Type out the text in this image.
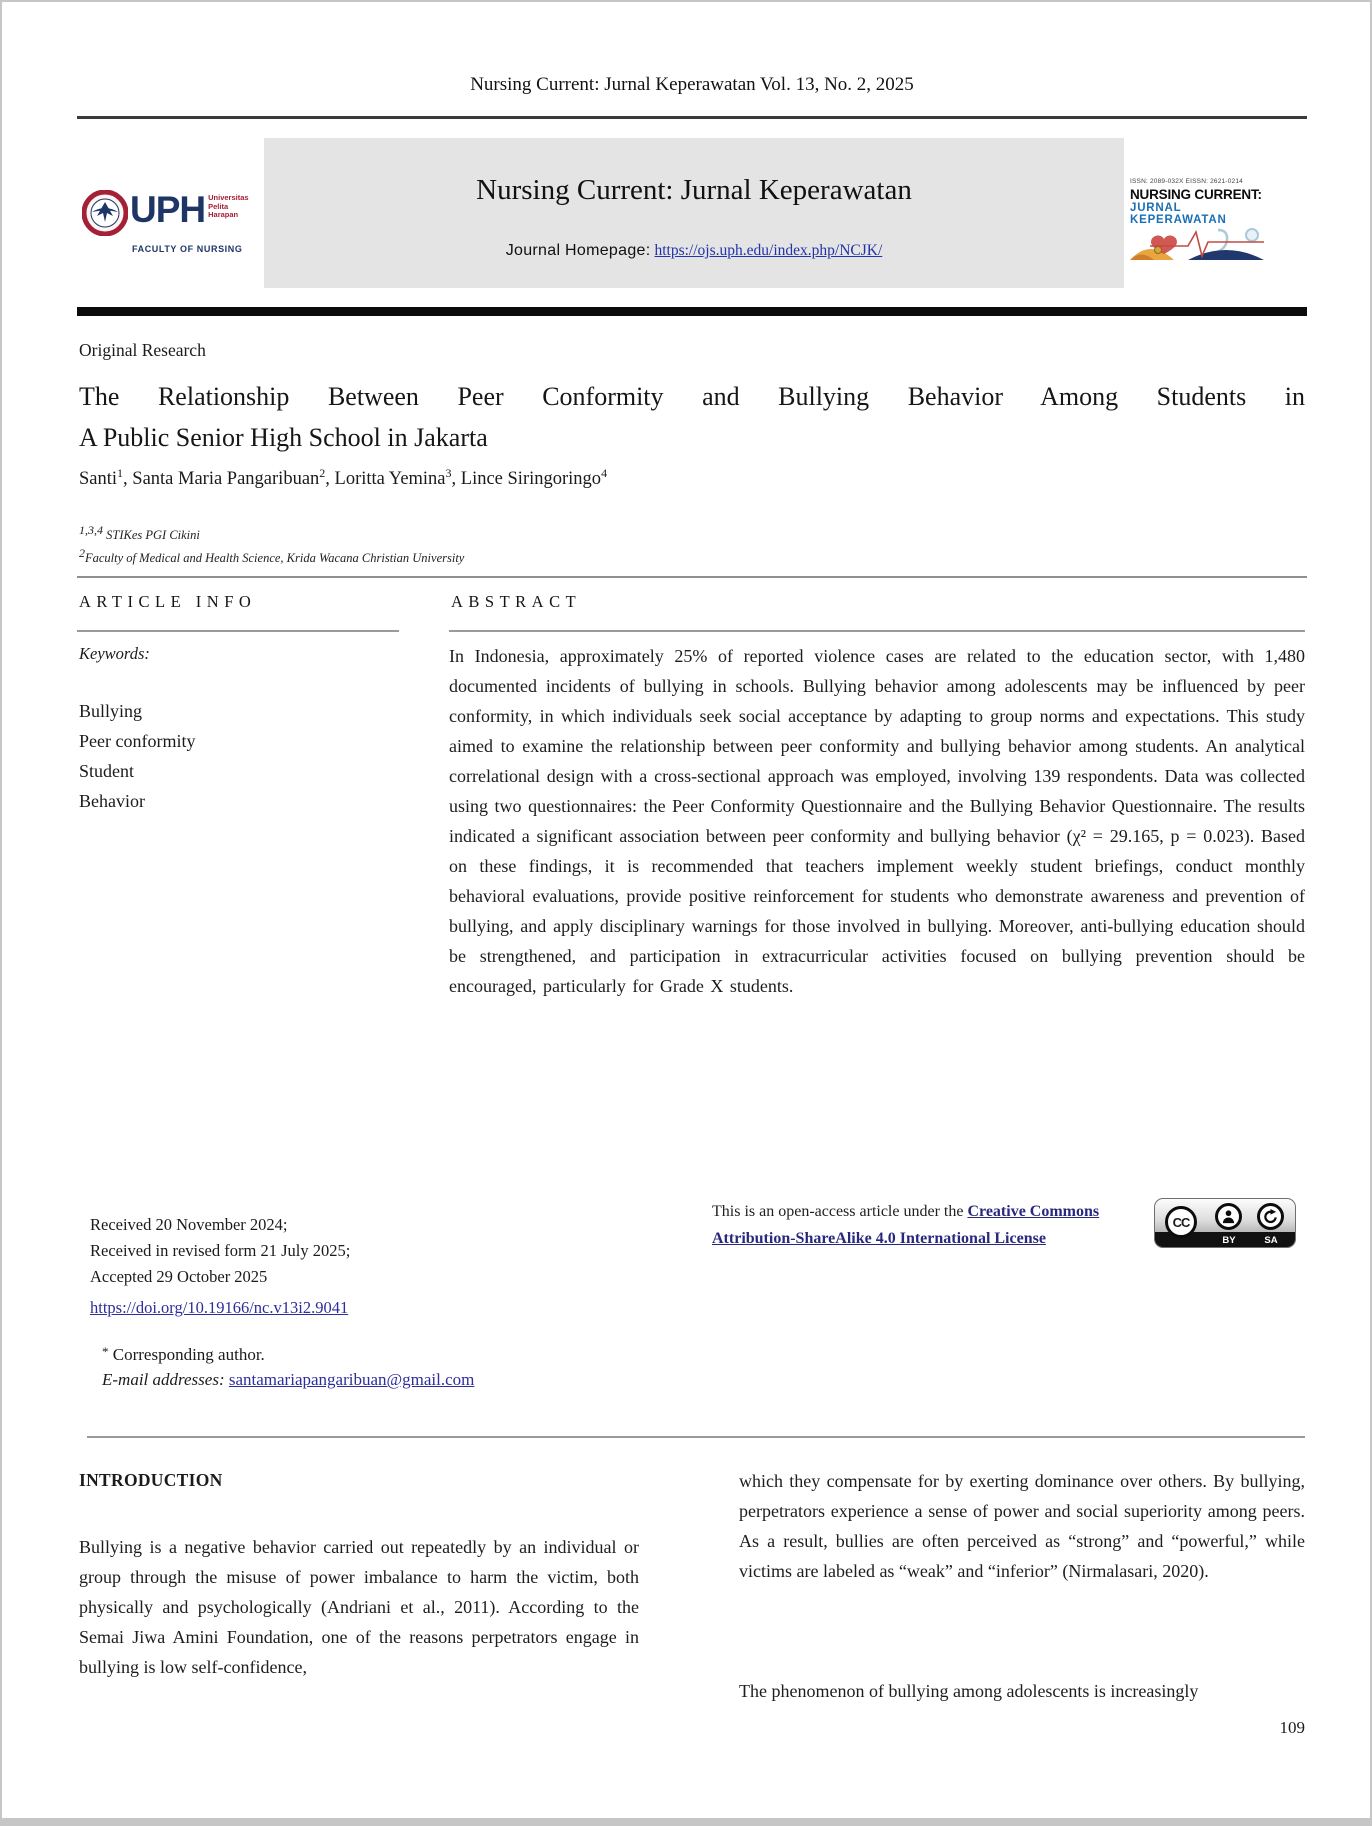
Nursing Current: Jurnal Keperawatan Vol. 13, No. 2, 2025
Nursing Current: Jurnal Keperawatan
Journal Homepage: https://ojs.uph.edu/index.php/NCJK/
UPH Universitas
Pelita
Harapan
FACULTY OF NURSING
ISSN: 2089-032X EISSN: 2621-0214
NURSING CURRENT:
JURNAL KEPERAWATAN
Original Research
The Relationship Between Peer Conformity and Bullying Behavior Among Students in
A Public Senior High School in Jakarta
Santi$^1$, Santa Maria Pangaribuan$^2$, Loritta Yemina$^3$, Lince Siringoringo$^4$
$^{1,3,4}$ STIKes PGI Cikini
$^2$Faculty of Medical and Health Science, Krida Wacana Christian University
ARTICLE INFO	ABSTRACT
Keywords:
Bullying
Peer conformity
Student
Behavior
In Indonesia, approximately 25% of reported violence cases are related to the education sector, with 1,480 documented incidents of bullying in schools. Bullying behavior among adolescents may be influenced by peer conformity, in which individuals seek social acceptance by adapting to group norms and expectations. This study aimed to examine the relationship between peer conformity and bullying behavior among students. An analytical correlational design with a cross-sectional approach was employed, involving 139 respondents. Data was collected using two questionnaires: the Peer Conformity Questionnaire and the Bullying Behavior Questionnaire. The results indicated a significant association between peer conformity and bullying behavior (χ² = 29.165, p = 0.023). Based on these findings, it is recommended that teachers implement weekly student briefings, conduct monthly behavioral evaluations, provide positive reinforcement for students who demonstrate awareness and prevention of bullying, and apply disciplinary warnings for those involved in bullying. Moreover, anti-bullying education should be strengthened, and participation in extracurricular activities focused on bullying prevention should be encouraged, particularly for Grade X students.
Received 20 November 2024;
Received in revised form 21 July 2025;
Accepted 29 October 2025
https://doi.org/10.19166/nc.v13i2.9041
* Corresponding author.
E-mail addresses: santamariapangaribuan@gmail.com
This is an open-access article under the Creative Commons Attribution-ShareAlike 4.0 International License
CC
BY	SA
INTRODUCTION
Bullying is a negative behavior carried out repeatedly by an individual or group through the misuse of power imbalance to harm the victim, both physically and psychologically (Andriani et al., 2011). According to the Semai Jiwa Amini Foundation, one of the reasons perpetrators engage in bullying is low self-confidence,
which they compensate for by exerting dominance over others. By bullying, perpetrators experience a sense of power and social superiority among peers. As a result, bullies are often perceived as “strong” and “powerful,” while victims are labeled as “weak” and “inferior” (Nirmalasari, 2020).
The phenomenon of bullying among adolescents is increasingly
109
